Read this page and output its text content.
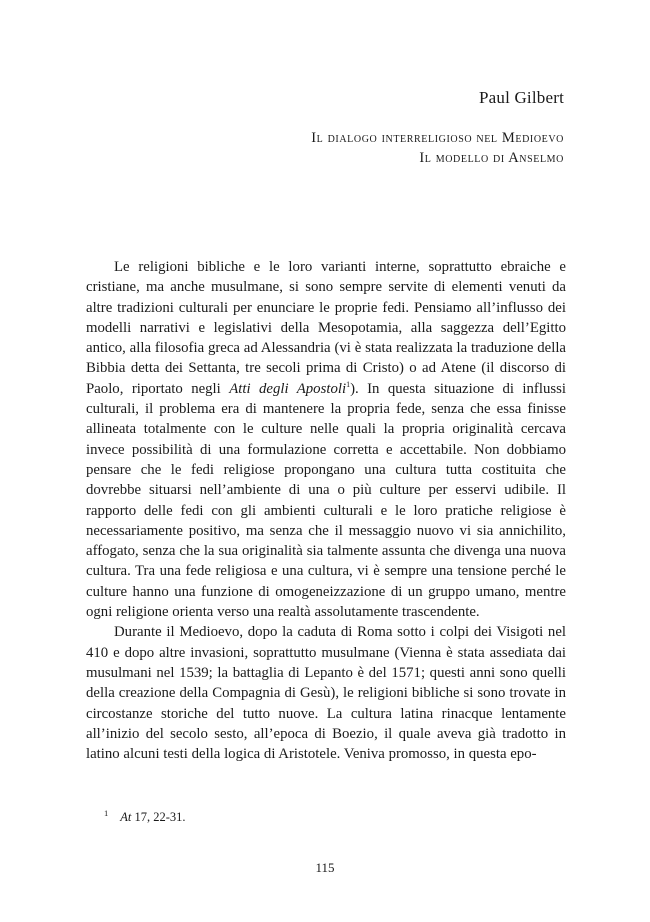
Paul Gilbert
Il dialogo interreligioso nel Medioevo
Il modello di Anselmo

Le religioni bibliche e le loro varianti interne, soprattutto ebraiche e cristiane, ma anche musulmane, si sono sempre servite di elementi venuti da altre tradizioni culturali per enunciare le proprie fedi. Pensiamo all’influsso dei modelli narrativi e legislativi della Mesopotamia, alla saggezza dell’Egitto antico, alla filosofia greca ad Alessandria (vi è stata realizzata la traduzione della Bibbia detta dei Settanta, tre secoli prima di Cristo) o ad Atene (il discorso di Paolo, riportato negli Atti degli Apostoli$^1$). In questa situazione di influssi culturali, il problema era di mantenere la propria fede, senza che essa finisse allineata totalmente con le culture nelle quali la propria originalità cercava invece possibilità di una formulazione corretta e accettabile. Non dobbiamo pensare che le fedi religiose propongano una cultura tutta costituita che dovrebbe situarsi nell’ambiente di una o più culture per esservi udibile. Il rapporto delle fedi con gli ambienti culturali e le loro pratiche religiose è necessariamente positivo, ma senza che il messaggio nuovo vi sia annichilito, affogato, senza che la sua originalità sia talmente assunta che divenga una nuova cultura. Tra una fede religiosa e una cultura, vi è sempre una tensione perché le culture hanno una funzione di omogeneizzazione di un gruppo umano, mentre ogni religione orienta verso una realtà assolutamente trascendente.

Durante il Medioevo, dopo la caduta di Roma sotto i colpi dei Visigoti nel 410 e dopo altre invasioni, soprattutto musulmane (Vienna è stata assediata dai musulmani nel 1539; la battaglia di Lepanto è del 1571; questi anni sono quelli della creazione della Compagnia di Gesù), le religioni bibliche si sono trovate in circostanze storiche del tutto nuove. La cultura latina rinacque lentamente all’inizio del secolo sesto, all’epoca di Boezio, il quale aveva già tradotto in latino alcuni testi della logica di Aristotele. Veniva promosso, in questa epo-

$^1$ At 17, 22-31.
115
